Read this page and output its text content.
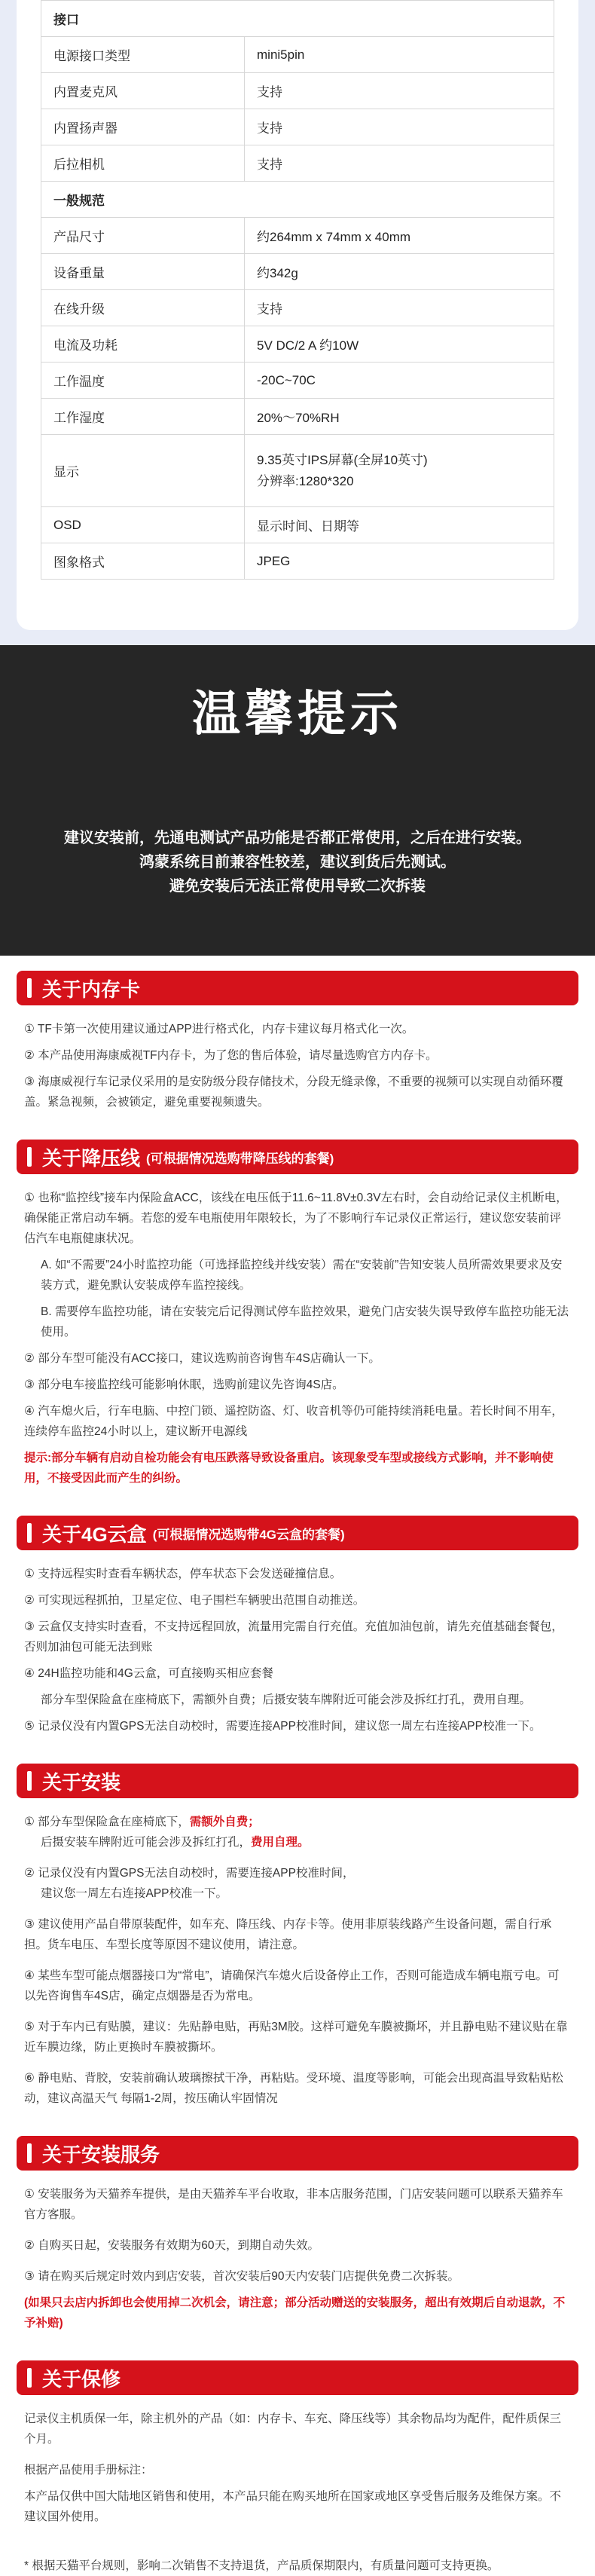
接口	
电源接口类型	mini5pin
内置麦克风	支持
内置扬声器	支持
后拉相机	支持
一般规范	
产品尺寸	约264mm x 74mm x 40mm
设备重量	约342g
在线升级	支持
电流及功耗	5V DC/2 A 约10W
工作温度	-20C~70C
工作湿度	20%～70%RH
显示	9.35英寸IPS屏幕(全屏10英寸)
分辨率:1280*320

OSD	显示时间、日期等
图象格式	JPEG
温馨提示
建议安装前，先通电测试产品功能是否都正常使用，之后在进行安装。
鸿蒙系统目前兼容性较差，建议到货后先测试。
避免安装后无法正常使用导致二次拆装
关于内存卡

① TF卡第一次使用建议通过APP进行格式化，内存卡建议每月格式化一次。

② 本产品使用海康威视TF内存卡，为了您的售后体验，请尽量选购官方内存卡。

③ 海康威视行车记录仪采用的是安防级分段存储技术，分段无缝录像，不重要的视频可以实现自动循环覆盖。紧急视频，会被锁定，避免重要视频遗失。

关于降压线 (可根据情况选购带降压线的套餐)

① 也称“监控线”接车内保险盒ACC，该线在电压低于11.6~11.8V±0.3V左右时，会自动给记录仪主机断电，确保能正常启动车辆。若您的爱车电瓶使用年限较长，为了不影响行车记录仪正常运行，建议您安装前评估汽车电瓶健康状况。

A. 如“不需要”24小时监控功能（可选择监控线并线安装）需在“安装前”告知安装人员所需效果要求及安装方式，避免默认安装成停车监控接线。

B. 需要停车监控功能，请在安装完后记得测试停车监控效果，避免门店安装失误导致停车监控功能无法使用。

② 部分车型可能没有ACC接口，建议选购前咨询售车4S店确认一下。

③ 部分电车接监控线可能影响休眠，选购前建议先咨询4S店。

④ 汽车熄火后，行车电脑、中控门锁、遥控防盗、灯、收音机等仍可能持续消耗电量。若长时间不用车，连续停车监控24小时以上，建议断开电源线

提示:部分车辆有启动自检功能会有电压跌落导致设备重启。该现象受车型或接线方式影响，并不影响使用，不接受因此而产生的纠纷。

关于4G云盒 (可根据情况选购带4G云盒的套餐)

① 支持远程实时查看车辆状态，停车状态下会发送碰撞信息。

② 可实现远程抓拍，卫星定位、电子围栏车辆驶出范围自动推送。

③ 云盒仅支持实时查看，不支持远程回放，流量用完需自行充值。充值加油包前，请先充值基础套餐包，否则加油包可能无法到账

④ 24H监控功能和4G云盒，可直接购买相应套餐

部分车型保险盒在座椅底下，需额外自费；后摄安装车牌附近可能会涉及拆红打孔，费用自理。

⑤ 记录仪没有内置GPS无法自动校时，需要连接APP校准时间，建议您一周左右连接APP校准一下。

关于安装

① 部分车型保险盒在座椅底下，需额外自费；
后摄安装车牌附近可能会涉及拆红打孔，费用自理。

② 记录仪没有内置GPS无法自动校时，需要连接APP校准时间，
建议您一周左右连接APP校准一下。

③ 建议使用产品自带原装配件，如车充、降压线、内存卡等。使用非原装线路产生设备问题，需自行承担。货车电压、车型长度等原因不建议使用，请注意。

④ 某些车型可能点烟器接口为“常电”，请确保汽车熄火后设备停止工作，否则可能造成车辆电瓶亏电。可以先咨询售车4S店，确定点烟器是否为常电。

⑤ 对于车内已有贴膜，建议：先贴静电贴，再贴3M胶。这样可避免车膜被撕坏，并且静电贴不建议贴在靠近车膜边缘，防止更换时车膜被撕坏。

⑥ 静电贴、背胶，安装前确认玻璃擦拭干净，再粘贴。受环境、温度等影响，可能会出现高温导致粘贴松动，建议高温天气 每隔1-2周，按压确认牢固情况

关于安装服务

① 安装服务为天猫养车提供，是由天猫养车平台收取，非本店服务范围，门店安装问题可以联系天猫养车官方客服。

② 自购买日起，安装服务有效期为60天，到期自动失效。

③ 请在购买后规定时效内到店安装，首次安装后90天内安装门店提供免费二次拆装。

(如果只去店内拆卸也会使用掉二次机会，请注意；部分活动赠送的安装服务，超出有效期后自动退款，不予补赔)

关于保修

记录仪主机质保一年，除主机外的产品（如：内存卡、车充、降压线等）其余物品均为配件，配件质保三个月。

根据产品使用手册标注：

本产品仅供中国大陆地区销售和使用，本产品只能在购买地所在国家或地区享受售后服务及维保方案。不建议国外使用。

* 根据天猫平台规则，影响二次销售不支持退货，产品质保期限内，有质量问题可支持更换。
